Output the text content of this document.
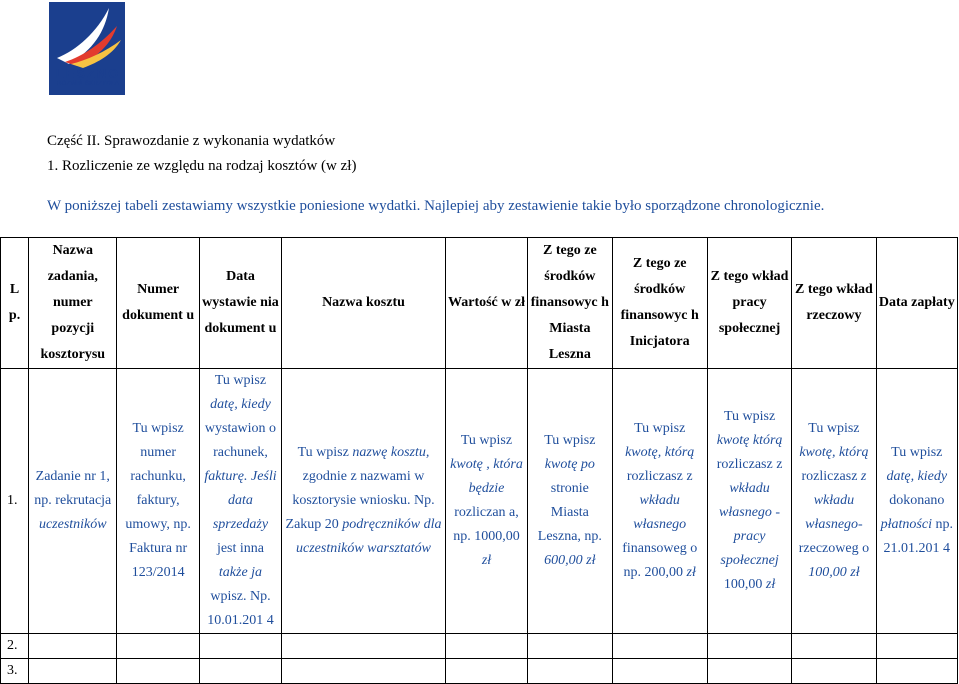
LESZNO
ROZWIŃ SKRZYDŁA
Część II. Sprawozdanie z wykonania wydatków
1. Rozliczenie ze względu na rodzaj kosztów (w zł)
W poniższej tabeli zestawiamy wszystkie poniesione wydatki. Najlepiej aby zestawienie takie było sporządzone chronologicznie.
L p.	Nazwa zadania, numer pozycji kosztorysu	Numer dokument u	Data wystawie nia dokument u	Nazwa kosztu	Wartość w zł	Z tego ze środków finansowyc h Miasta Leszna	Z tego ze środków finansowyc h Inicjatora	Z tego wkład pracy społecznej	Z tego wkład rzeczowy	Data zapłaty
1.	Zadanie nr 1, np. rekrutacja uczestników	Tu wpisz numer rachunku, faktury, umowy, np. Faktura nr 123/2014	Tu wpisz datę, kiedy wystawion o rachunek, fakturę. Jeśli data sprzedaży jest inna także ja wpisz. Np. 10.01.201 4	Tu wpisz nazwę kosztu, zgodnie z nazwami w kosztorysie wniosku. Np. Zakup 20 podręczników dla uczestników warsztatów	Tu wpisz kwotę , która będzie rozliczan a, np. 1000,00 zł	Tu wpisz kwotę po stronie Miasta Leszna, np. 600,00 zł	Tu wpisz kwotę, którą rozliczasz z wkładu własnego finansoweg o np. 200,00 zł	Tu wpisz kwotę którą rozliczasz z wkładu własnego - pracy społecznej 100,00 zł	Tu wpisz kwotę, którą rozliczasz z wkładu własnego- rzeczoweg o 100,00 zł	Tu wpisz datę, kiedy dokonano płatności np. 21.01.201 4
2.										
3.										
